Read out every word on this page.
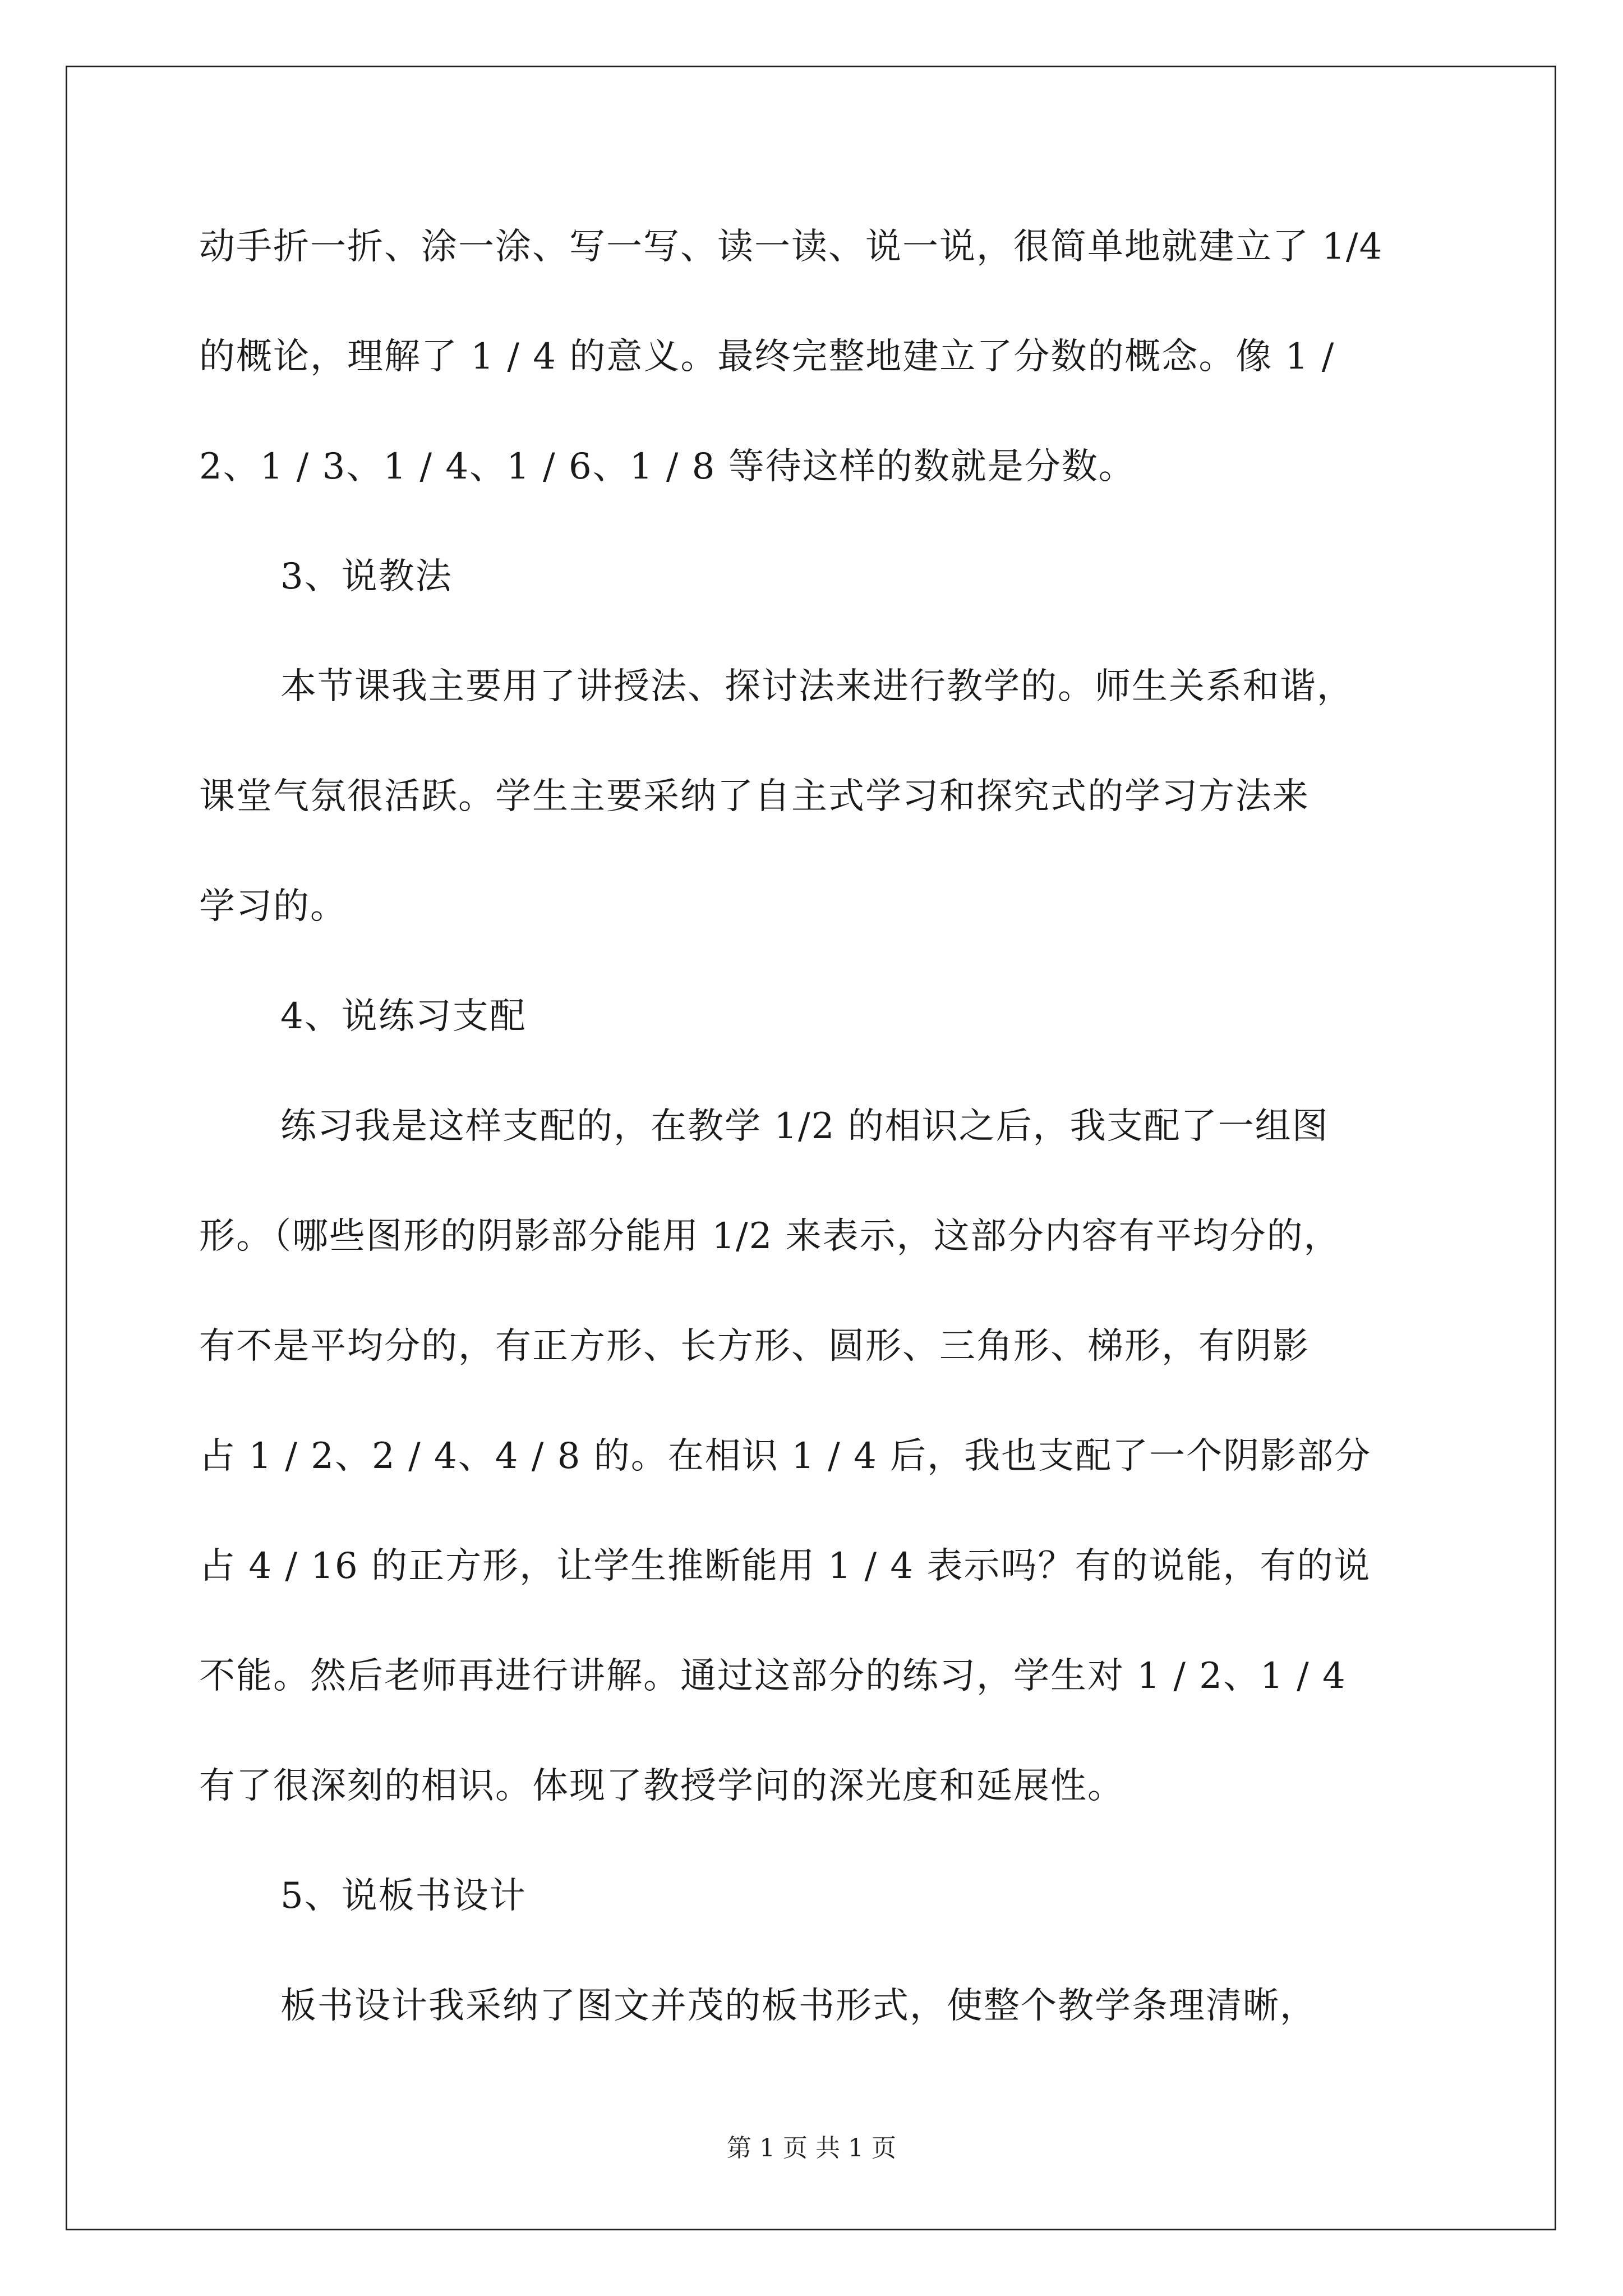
动手折一折、涂一涂、写一写、读一读、说一说，很简单地就建立了 1/4
的概论，理解了 1 / 4 的意义。最终完整地建立了分数的概念。像 1 /
2、1 / 3、1 / 4、1 / 6、1 / 8 等待这样的数就是分数。
3、说教法
本节课我主要用了讲授法、探讨法来进行教学的。师生关系和谐，
课堂气氛很活跃。学生主要采纳了自主式学习和探究式的学习方法来
学习的。
4、说练习支配
练习我是这样支配的，在教学 1/2 的相识之后，我支配了一组图
形。（哪些图形的阴影部分能用 1/2 来表示，这部分内容有平均分的，
有不是平均分的，有正方形、长方形、圆形、三角形、梯形，有阴影
占 1 / 2、2 / 4、4 / 8 的。在相识 1 / 4 后，我也支配了一个阴影部分
占 4 / 16 的正方形，让学生推断能用 1 / 4 表示吗？有的说能，有的说
不能。然后老师再进行讲解。通过这部分的练习，学生对 1 / 2、1 / 4
有了很深刻的相识。体现了教授学问的深光度和延展性。
5、说板书设计
板书设计我采纳了图文并茂的板书形式，使整个教学条理清晰，
第 1 页 共 1 页
